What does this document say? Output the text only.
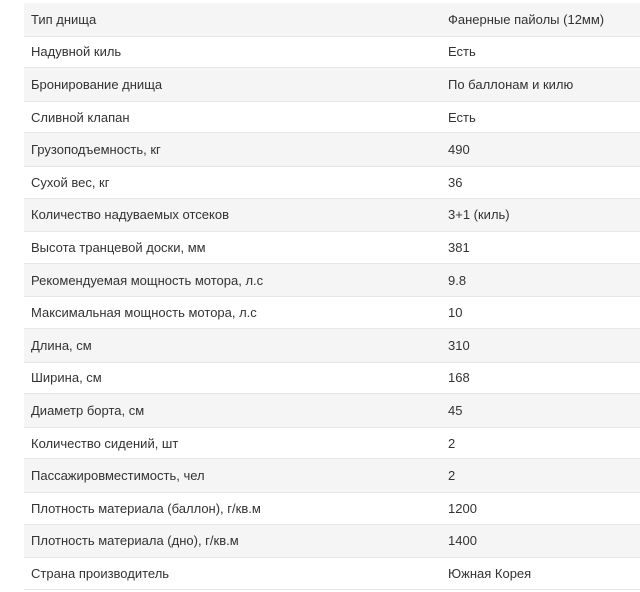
Тип днища	Фанерные пайолы (12мм)
Надувной киль	Есть
Бронирование днища	По баллонам и килю
Сливной клапан	Есть
Грузоподъемность, кг	490
Сухой вес, кг	36
Количество надуваемых отсеков	3+1 (киль)
Высота транцевой доски, мм	381
Рекомендуемая мощность мотора, л.с	9.8
Максимальная мощность мотора, л.с	10
Длина, см	310
Ширина, см	168
Диаметр борта, см	45
Количество сидений, шт	2
Пассажировместимость, чел	2
Плотность материала (баллон), г/кв.м	1200
Плотность материала (дно), г/кв.м	1400
Страна производитель	Южная Корея
